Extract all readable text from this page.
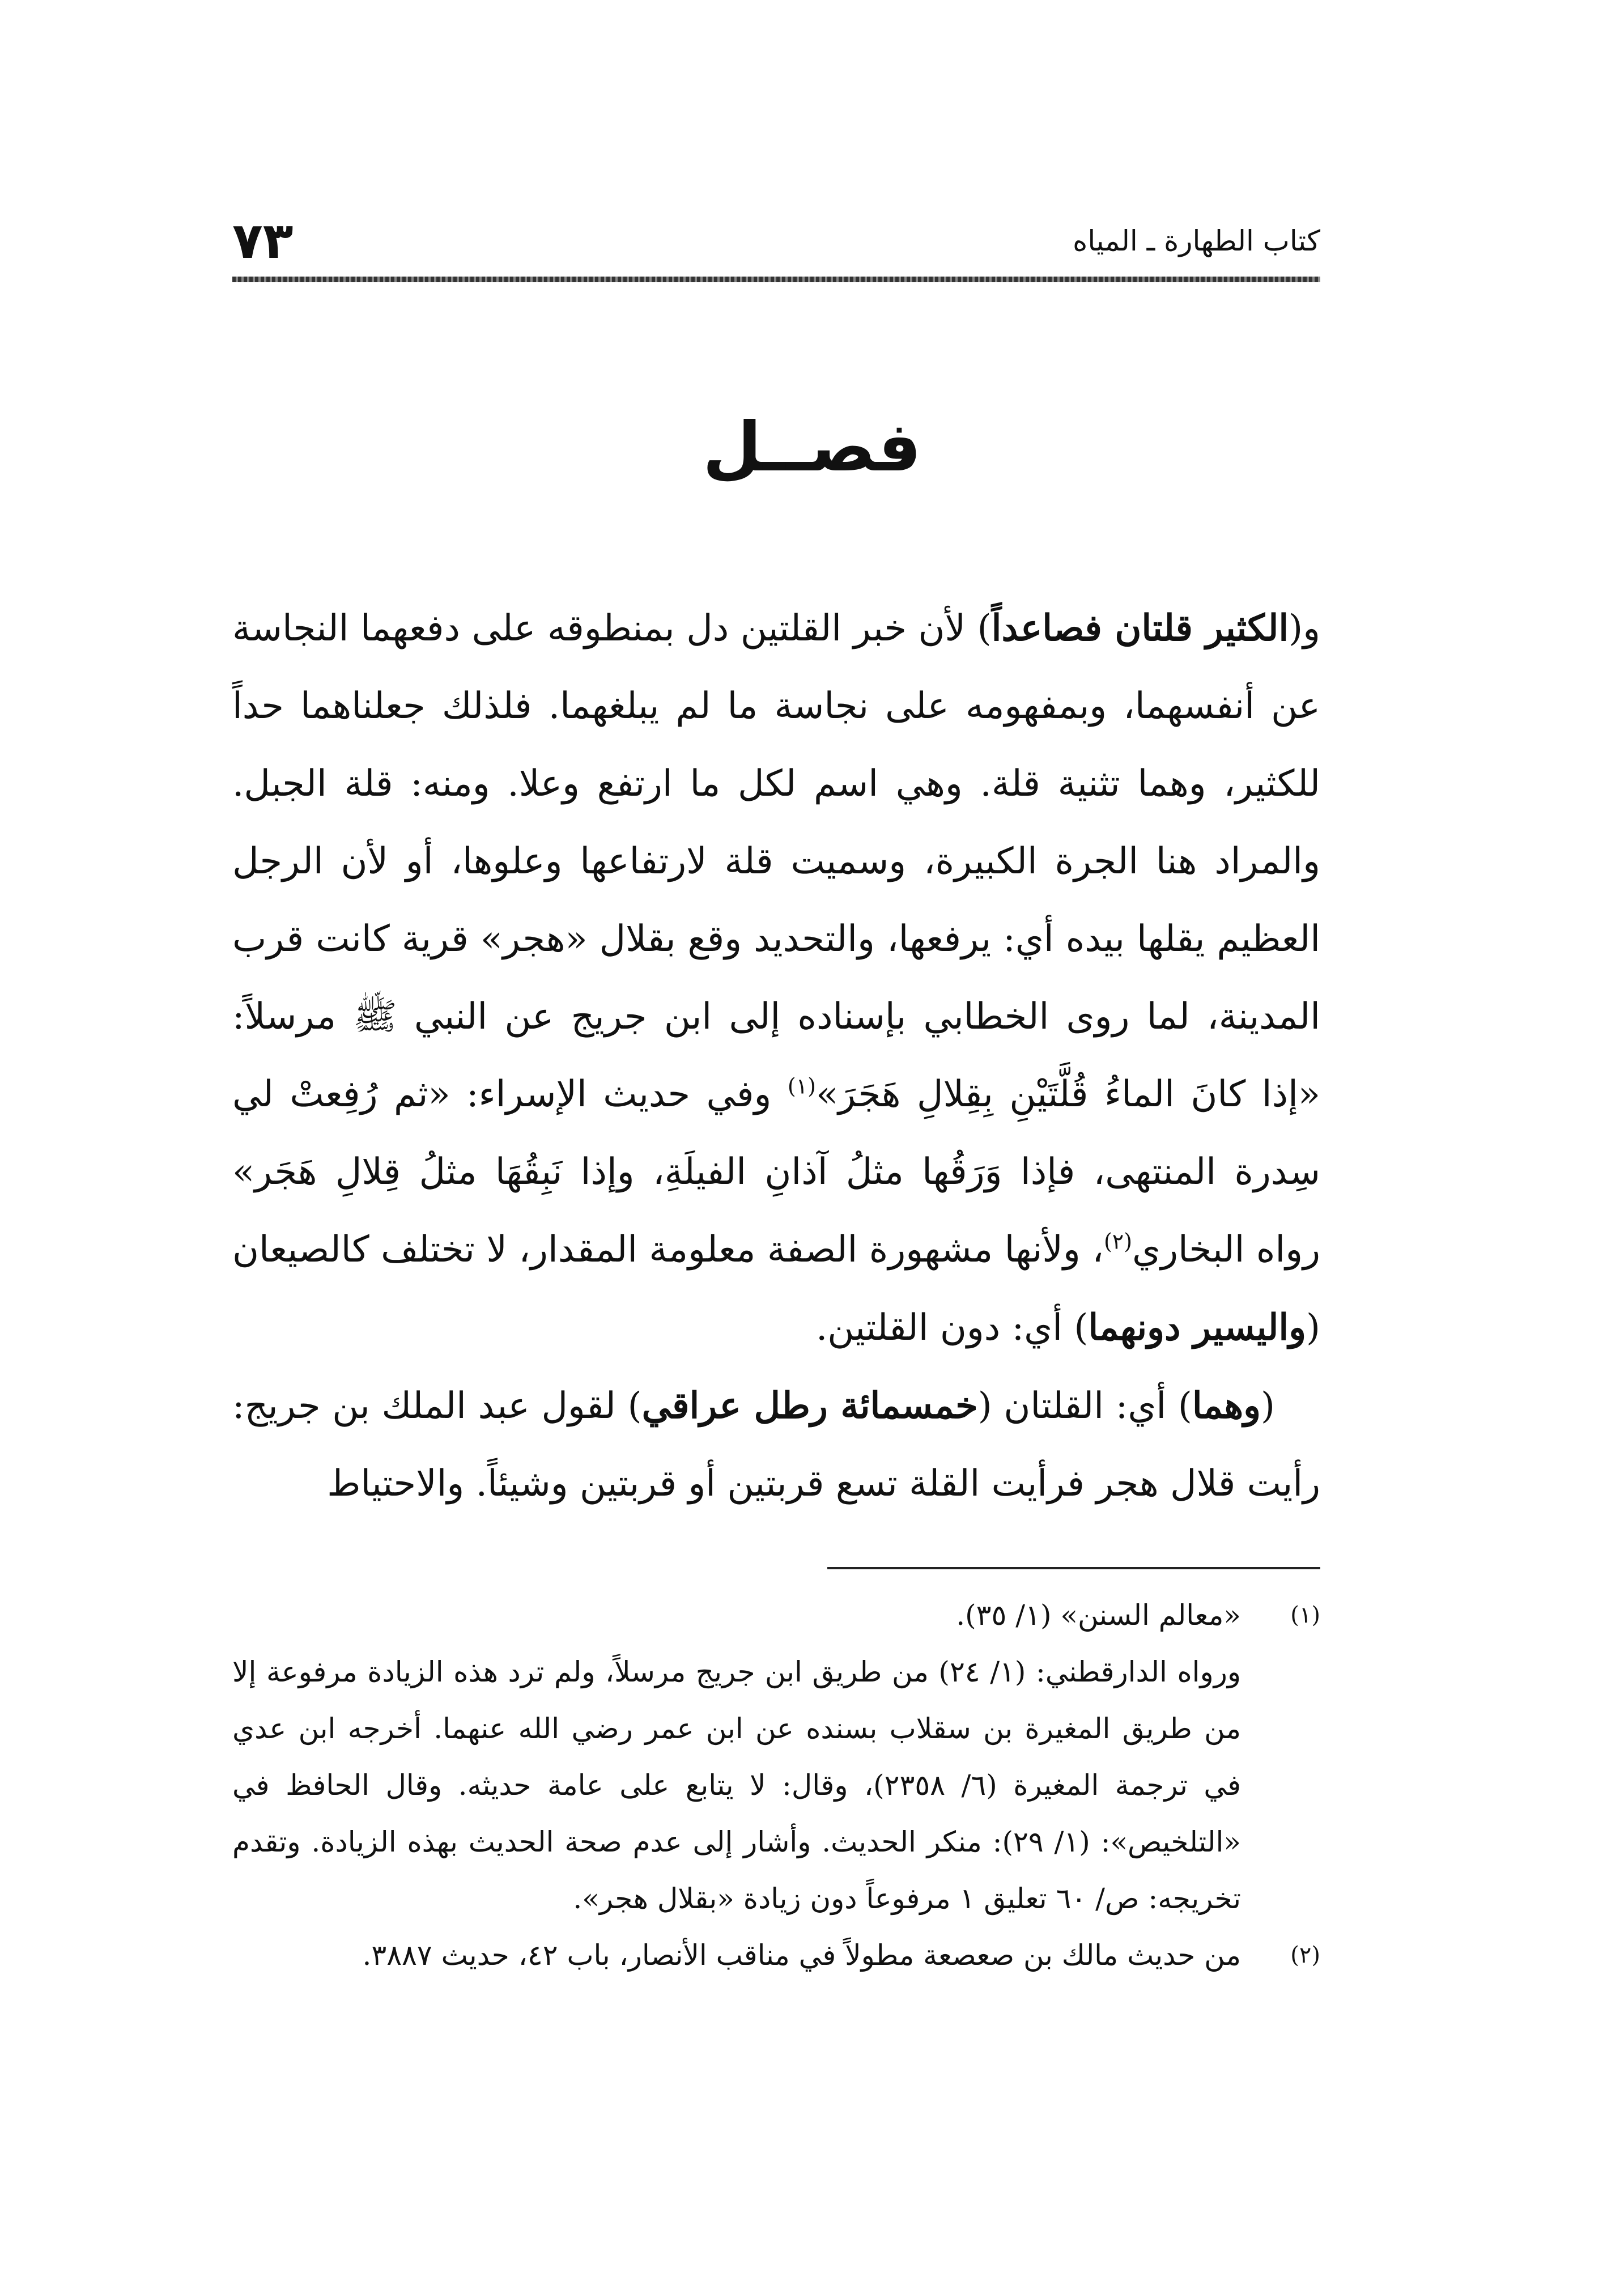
٧٣	كتاب الطهارة ـ المياه
فصــل

و(الكثير قلتان فصاعداً) لأن خبر القلتين دل بمنطوقه على دفعهما النجاسة عن أنفسهما، وبمفهومه على نجاسة ما لم يبلغهما. فلذلك جعلناهما حداً للكثير، وهما تثنية قلة. وهي اسم لكل ما ارتفع وعلا. ومنه: قلة الجبل. والمراد هنا الجرة الكبيرة، وسميت قلة لارتفاعها وعلوها، أو لأن الرجل العظيم يقلها بيده أي: يرفعها، والتحديد وقع بقلال «هجر» قرية كانت قرب المدينة، لما روى الخطابي بإسناده إلى ابن جريج عن النبي ﷺ مرسلاً: «إذا كانَ الماءُ قُلَّتَيْنِ بِقِلالِ هَجَرَ»$^{(١)}$ وفي حديث الإسراء: «ثم رُفِعتْ لي سِدرة المنتهى، فإذا وَرَقُها مثلُ آذانِ الفيلَةِ، وإذا نَبِقُهَا مثلُ قِلالِ هَجَر» رواه البخاري$^{(٢)}$، ولأنها مشهورة الصفة معلومة المقدار، لا تختلف كالصيعان (واليسير دونهما) أي: دون القلتين.

(وهما) أي: القلتان (خمسمائة رطل عراقي) لقول عبد الملك بن جريج: رأيت قلال هجر فرأيت القلة تسع قربتين أو قربتين وشيئاً. والاحتياط

(١)

«معالم السنن» (١/ ٣٥).

ورواه الدارقطني: (١/ ٢٤) من طريق ابن جريج مرسلاً، ولم ترد هذه الزيادة مرفوعة إلا من طريق المغيرة بن سقلاب بسنده عن ابن عمر رضي الله عنهما. أخرجه ابن عدي في ترجمة المغيرة (٦/ ٢٣٥٨)، وقال: لا يتابع على عامة حديثه. وقال الحافظ في «التلخيص»: (١/ ٢٩): منكر الحديث. وأشار إلى عدم صحة الحديث بهذه الزيادة. وتقدم تخريجه: ص/ ٦٠ تعليق ١ مرفوعاً دون زيادة «بقلال هجر».

(٢)

من حديث مالك بن صعصعة مطولاً في مناقب الأنصار، باب ٤٢، حديث ٣٨٨٧.
